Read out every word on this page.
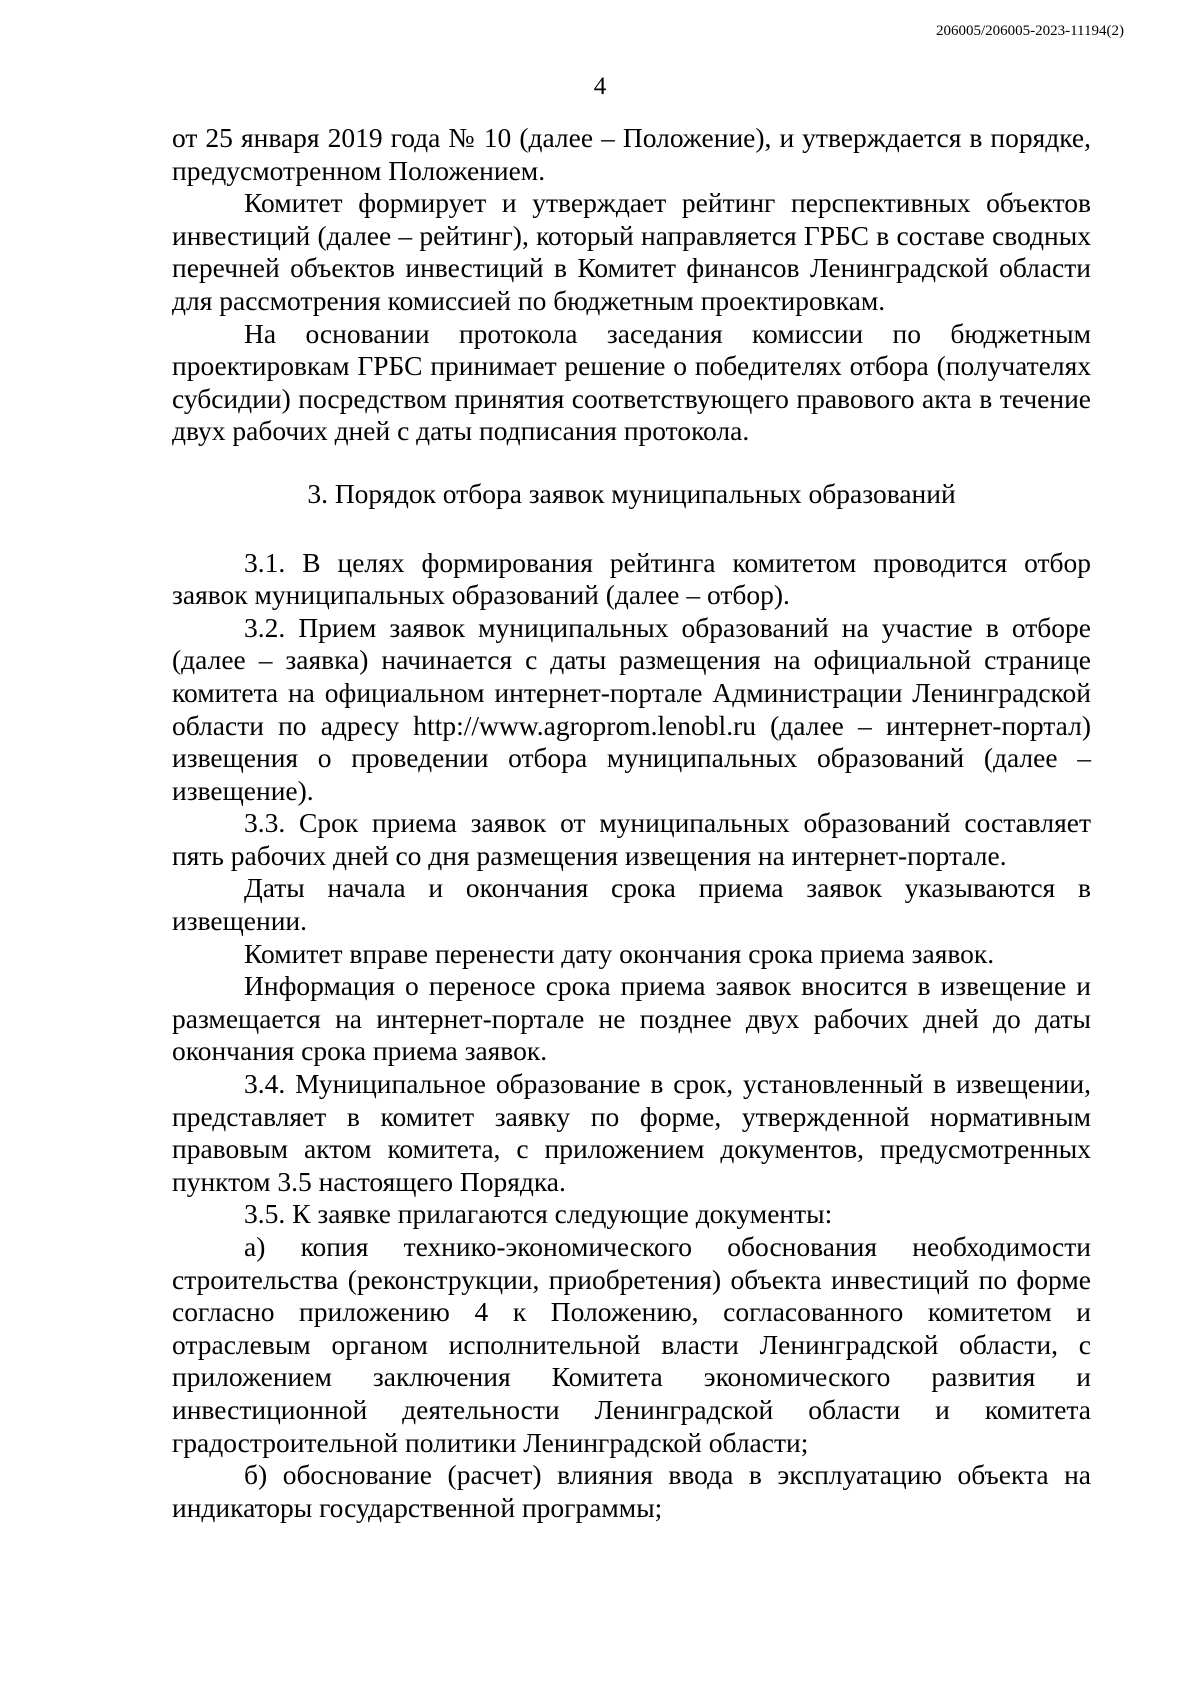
206005/206005-2023-11194(2)
4

от 25 января 2019 года № 10 (далее – Положение), и утверждается в порядке, предусмотренном Положением.

Комитет формирует и утверждает рейтинг перспективных объектов инвестиций (далее – рейтинг), который направляется ГРБС в составе сводных перечней объектов инвестиций в Комитет финансов Ленинградской области для рассмотрения комиссией по бюджетным проектировкам.

На основании протокола заседания комиссии по бюджетным проектировкам ГРБС принимает решение о победителях отбора (получателях субсидии) посредством принятия соответствующего правового акта в течение двух рабочих дней с даты подписания протокола.

3. Порядок отбора заявок муниципальных образований

3.1. В целях формирования рейтинга комитетом проводится отбор заявок муниципальных образований (далее – отбор).

3.2. Прием заявок муниципальных образований на участие в отборе (далее – заявка) начинается с даты размещения на официальной странице комитета на официальном интернет-портале Администрации Ленинградской области по адресу http://www.agroprom.lenobl.ru (далее – интернет-портал) извещения о проведении отбора муниципальных образований (далее – извещение).

3.3. Срок приема заявок от муниципальных образований составляет пять рабочих дней со дня размещения извещения на интернет-портале.

Даты начала и окончания срока приема заявок указываются в извещении.

Комитет вправе перенести дату окончания срока приема заявок.

Информация о переносе срока приема заявок вносится в извещение и размещается на интернет-портале не позднее двух рабочих дней до даты окончания срока приема заявок.

3.4. Муниципальное образование в срок, установленный в извещении, представляет в комитет заявку по форме, утвержденной нормативным правовым актом комитета, с приложением документов, предусмотренных пунктом 3.5 настоящего Порядка.

3.5. К заявке прилагаются следующие документы:

а) копия технико-экономического обоснования необходимости строительства (реконструкции, приобретения) объекта инвестиций по форме согласно приложению 4 к Положению, согласованного комитетом и отраслевым органом исполнительной власти Ленинградской области, с приложением заключения Комитета экономического развития и инвестиционной деятельности Ленинградской области и комитета градостроительной политики Ленинградской области;

б) обоснование (расчет) влияния ввода в эксплуатацию объекта на индикаторы государственной программы;
